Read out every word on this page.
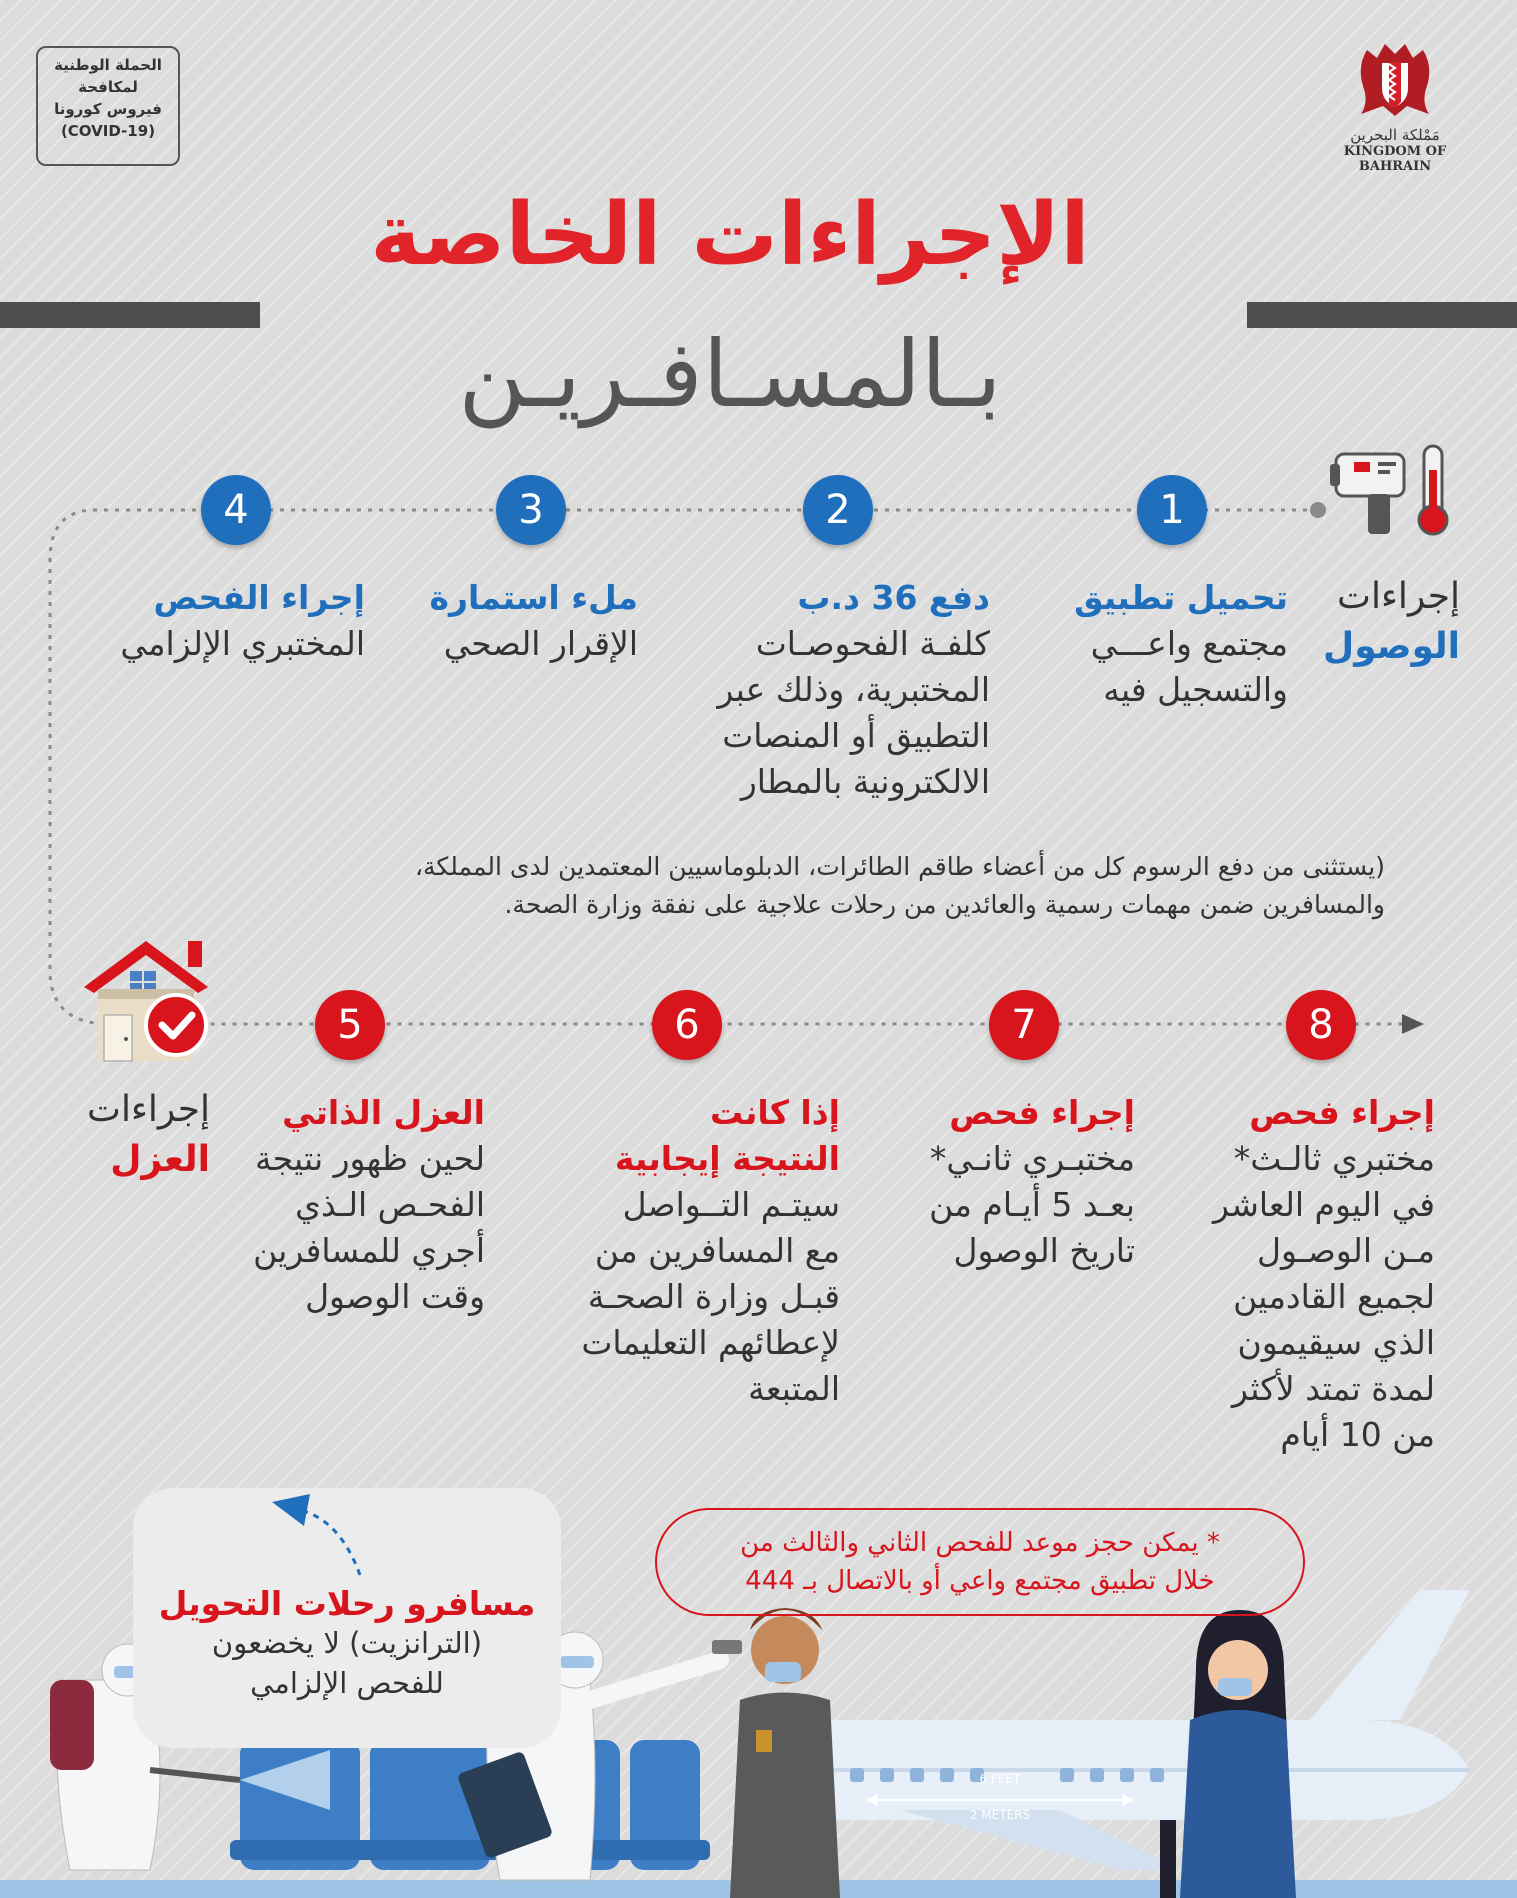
الحملة الوطنية
لمكافحة
فيروس كورونا
(COVID-19)	مَمْلكة البحرين
KINGDOM OF BAHRAIN
الإجراءات الخاصة
بـالمسـافـريـن
إجراءات
الوصول
1
2
3
4
تحميل تطبيق
مجتمع واعـــي
والتسجيل فيه
دفع 36 د.ب
كلفـة الفحوصـات
المختبرية، وذلك عبر
التطبيق أو المنصات
الالكترونية بالمطار
ملء استمارة
الإقرار الصحي
إجراء الفحص
المختبري الإلزامي
(يستثنى من دفع الرسوم كل من أعضاء طاقم الطائرات، الدبلوماسيين المعتمدين لدى المملكة،
والمسافرين ضمن مهمات رسمية والعائدين من رحلات علاجية على نفقة وزارة الصحة.
إجراءات
العزل
8
7
6
5
إجراء فحص
مختبري ثالـث*
في اليوم العاشر
مـن الوصـول
لجميع القادمين
الذي سيقيمون
لمدة تمتد لأكثر
من 10 أيام
إجراء فحص
مختبـري ثانـي*
بعـد 5 أيـام من
تاريخ الوصول
إذا كانت
النتيجة إيجابية
سيتـم التــواصل
مع المسافرين من
قبـل وزارة الصحـة
لإعطائهم التعليمات
المتبعة
العزل الذاتي
لحين ظهور نتيجة
الفحـص الـذي
أجري للمسافرين
وقت الوصول
6 FEET
2 METERS
مسافرو رحلات التحويل
(الترانزيت) لا يخضعون
للفحص الإلزامي
* يمكن حجز موعد للفحص الثاني والثالث من
خلال تطبيق مجتمع واعي أو بالاتصال بـ 444
